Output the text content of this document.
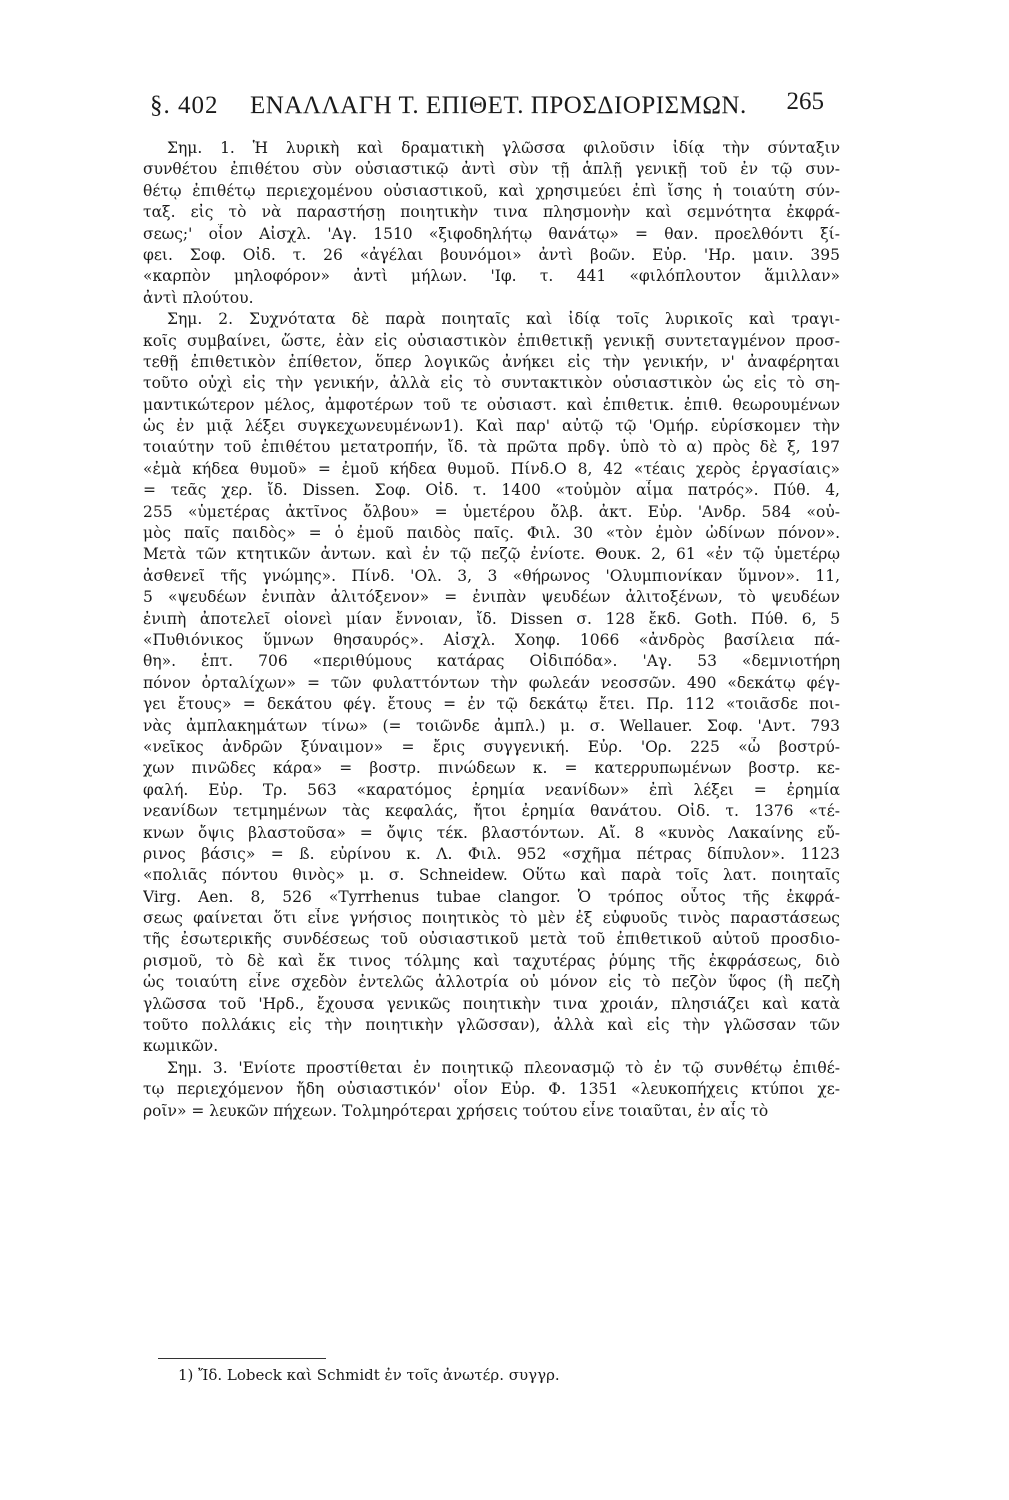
§. 402 ΕΝΑΛΛΑΓΗ Τ. ΕΠΙΘΕΤ. ΠΡΟΣΔΙΟΡΙΣΜΩΝ. 265
Σημ. 1. Ἡ λυρικὴ καὶ δραματικὴ γλῶσσα φιλοῦσιν ἰδίᾳ τὴν σύνταξιν
συνθέτου ἐπιθέτου σὺν οὐσιαστικῷ ἀντὶ σὺν τῇ ἁπλῇ γενικῇ τοῦ ἐν τῷ συν-
θέτῳ ἐπιθέτῳ περιεχομένου οὐσιαστικοῦ, καὶ χρησιμεύει ἐπὶ ἴσης ἡ τοιαύτη σύν-
ταξ. εἰς τὸ νὰ παραστήσῃ ποιητικὴν τινα πλησμονὴν καὶ σεμνότητα ἐκφρά-
σεως;' οἷον Αἰσχλ. 'Αγ. 1510 «ξιφοδηλήτῳ θανάτῳ» = θαν. προελθόντι ξί-
φει. Σοφ. Οἰδ. τ. 26 «ἀγέλαι βουνόμοι» ἀντὶ βοῶν. Εὐρ. 'Ηρ. μαιν. 395
«καρπὸν μηλοφόρον» ἀντὶ μήλων. 'Ιφ. τ. 441 «φιλόπλουτον ἅμιλλαν»
ἀντὶ πλούτου.
Σημ. 2. Συχνότατα δὲ παρὰ ποιηταῖς καὶ ἰδίᾳ τοῖς λυρικοῖς καὶ τραγι-
κοῖς συμβαίνει, ὥστε, ἐὰν εἰς οὐσιαστικὸν ἐπιθετικῇ γενικῇ συντεταγμένον προσ-
τεθῇ ἐπιθετικὸν ἐπίθετον, ὅπερ λογικῶς ἀνήκει εἰς τὴν γενικήν, ν' ἀναφέρηται
τοῦτο οὐχὶ εἰς τὴν γενικήν, ἀλλὰ εἰς τὸ συντακτικὸν οὐσιαστικὸν ὡς εἰς τὸ ση-
μαντικώτερον μέλος, ἀμφοτέρων τοῦ τε οὐσιαστ. καὶ ἐπιθετικ. ἐπιθ. θεωρουμένων
ὡς ἐν μιᾷ λέξει συγκεχωνευμένων1). Καὶ παρ' αὐτῷ τῷ 'Ομήρ. εὑρίσκομεν τὴν
τοιαύτην τοῦ ἐπιθέτου μετατροπήν, ἴδ. τὰ πρῶτα πρδγ. ὑπὸ τὸ α) πρὸς δὲ ξ, 197
«ἐμὰ κήδεα θυμοῦ» = ἐμοῦ κήδεα θυμοῦ. Πίνδ.Ο 8, 42 «τέαις χερὸς ἐργασίαις»
= τεᾶς χερ. ἴδ. Dissen. Σοφ. Οἰδ. τ. 1400 «τοὐμὸν αἷμα πατρός». Πύθ. 4,
255 «ὑμετέρας ἀκτῖνος ὄλβου» = ὑμετέρου ὄλβ. ἀκτ. Εὐρ. 'Ανδρ. 584 «οὐ-
μὸς παῖς παιδὸς» = ὁ ἐμοῦ παιδὸς παῖς. Φιλ. 30 «τὸν ἐμὸν ὠδίνων πόνον».
Μετὰ τῶν κτητικῶν ἀντων. καὶ ἐν τῷ πεζῷ ἐνίοτε. Θουκ. 2, 61 «ἐν τῷ ὑμετέρῳ
ἀσθενεῖ τῆς γνώμης». Πίνδ. 'Ολ. 3, 3 «θήρωνος 'Ολυμπιονίκαν ὕμνον». 11,
5 «ψευδέων ἐνιπὰν ἀλιτόξενον» = ἐνιπὰν ψευδέων ἀλιτοξένων, τὸ ψευδέων
ἐνιπὴ ἀποτελεῖ οἱονεὶ μίαν ἔννοιαν, ἴδ. Dissen σ. 128 ἔκδ. Goth. Πύθ. 6, 5
«Πυθιόνικος ὕμνων θησαυρός». Αἰσχλ. Χοηφ. 1066 «ἀνδρὸς βασίλεια πά-
θη». ἑπτ. 706 «περιθύμους κατάρας Οἰδιπόδα». 'Αγ. 53 «δεμνιοτήρη
πόνον ὀρταλίχων» = τῶν φυλαττόντων τὴν φωλεάν νεοσσῶν. 490 «δεκάτῳ φέγ-
γει ἔτους» = δεκάτου φέγ. ἔτους = ἐν τῷ δεκάτῳ ἔτει. Πρ. 112 «τοιᾶσδε ποι-
νὰς ἀμπλακημάτων τίνω» (= τοιῶνδε ἀμπλ.) μ. σ. Wellauer. Σοφ. 'Αντ. 793
«νεῖκος ἀνδρῶν ξύναιμον» = ἔρις συγγενική. Εὐρ. 'Ορ. 225 «ὦ βοστρύ-
χων πινῶδες κάρα» = βοστρ. πινώδεων κ. = κατερρυπωμένων βοστρ. κε-
φαλή. Εὐρ. Τρ. 563 «καρατόμος ἐρημία νεανίδων» ἐπὶ λέξει = ἐρημία
νεανίδων τετμημένων τὰς κεφαλάς, ἤτοι ἐρημία θανάτου. Οἰδ. τ. 1376 «τέ-
κνων ὄψις βλαστοῦσα» = ὄψις τέκ. βλαστόντων. Αἴ. 8 «κυνὸς Λακαίνης εὔ-
ρινος βάσις» = ß. εὐρίνου κ. Λ. Φιλ. 952 «σχῆμα πέτρας δίπυλον». 1123
«πολιᾶς πόντου θινὸς» μ. σ. Schneidew. Οὕτω καὶ παρὰ τοῖς λατ. ποιηταῖς
Virg. Aen. 8, 526 «Tyrrhenus tubae clangor. Ὁ τρόπος οὗτος τῆς ἐκφρά-
σεως φαίνεται ὅτι εἶνε γνήσιος ποιητικὸς τὸ μὲν ἐξ εὐφυοῦς τινὸς παραστάσεως
τῆς ἐσωτερικῆς συνδέσεως τοῦ οὐσιαστικοῦ μετὰ τοῦ ἐπιθετικοῦ αὐτοῦ προσδιο-
ρισμοῦ, τὸ δὲ καὶ ἔκ τινος τόλμης καὶ ταχυτέρας ῥύμης τῆς ἐκφράσεως, διὸ
ὡς τοιαύτη εἶνε σχεδὸν ἐντελῶς ἀλλοτρία οὐ μόνον εἰς τὸ πεζὸν ὕφος (ἢ πεζὴ
γλῶσσα τοῦ 'Ηρδ., ἔχουσα γενικῶς ποιητικὴν τινα χροιάν, πλησιάζει καὶ κατὰ
τοῦτο πολλάκις εἰς τὴν ποιητικὴν γλῶσσαν), ἀλλὰ καὶ εἰς τὴν γλῶσσαν τῶν
κωμικῶν.
Σημ. 3. 'Ενίοτε προστίθεται ἐν ποιητικῷ πλεονασμῷ τὸ ἐν τῷ συνθέτῳ ἐπιθέ-
τῳ περιεχόμενον ἤδη οὐσιαστικόν' οἷον Εὐρ. Φ. 1351 «λευκοπήχεις κτύποι χε-
ροῖν» = λευκῶν πήχεων. Τολμηρότεραι χρήσεις τούτου εἶνε τοιαῦται, ἐν αἷς τὸ
1) Ἴδ. Lobeck καὶ Schmidt ἐν τοῖς ἀνωτέρ. συγγρ.
